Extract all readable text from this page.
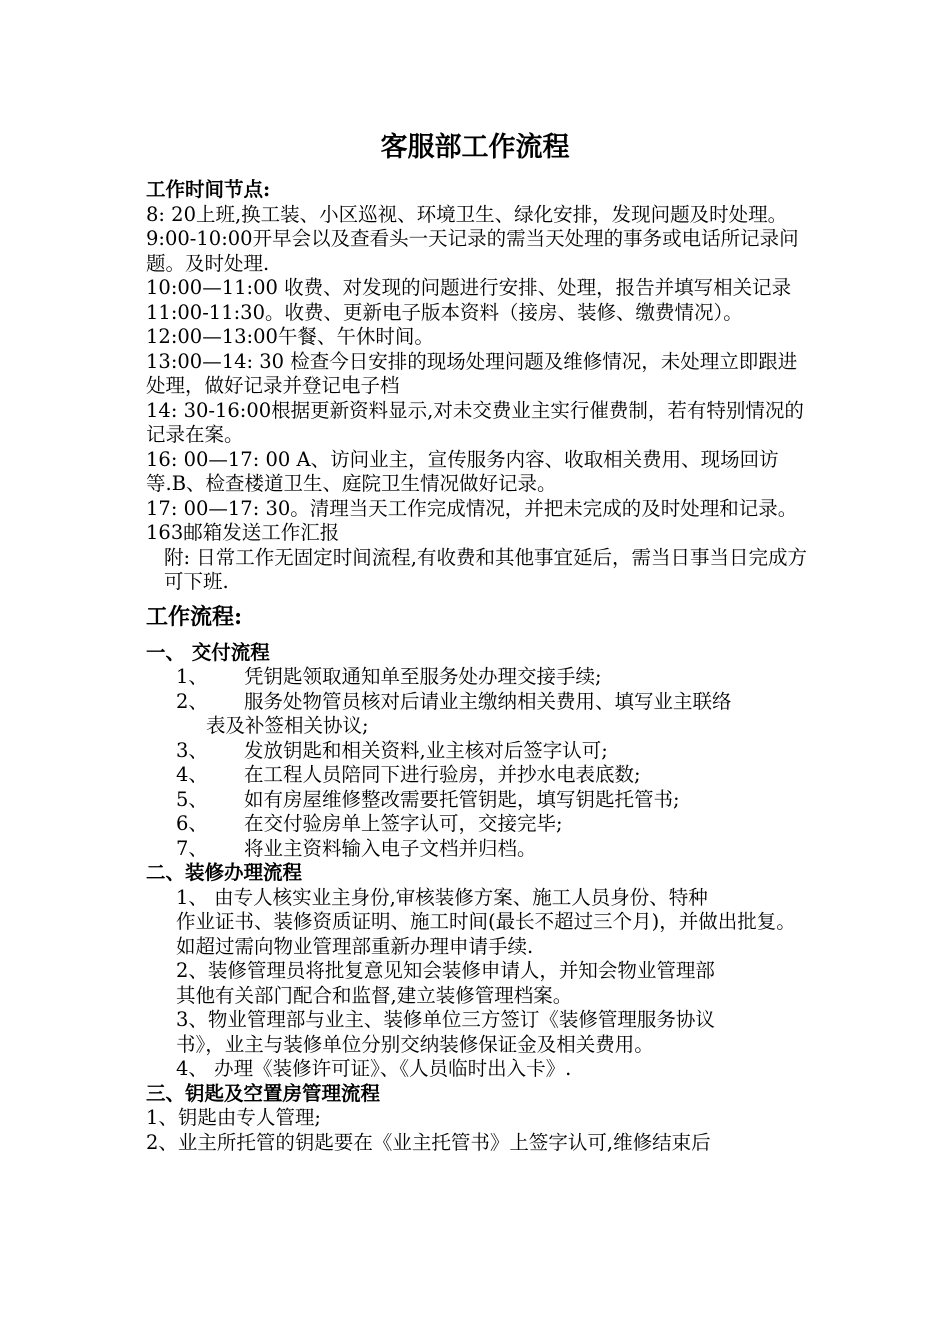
客服部工作流程

工作时间节点:

8: 20上班,换工装、小区巡视、环境卫生、绿化安排，发现问题及时处理。

9:00-10:00开早会以及查看头一天记录的需当天处理的事务或电话所记录问题。及时处理.

10:00—11:00 收费、对发现的问题进行安排、处理，报告并填写相关记录

11:00-11:30。收费、更新电子版本资料（接房、装修、缴费情况）。

12:00—13:00午餐、午休时间。

13:00—14: 30 检查今日安排的现场处理问题及维修情况，未处理立即跟进处理，做好记录并登记电子档

14: 30-16:00根据更新资料显示,对未交费业主实行催费制，若有特别情况的记录在案。

16: 00—17: 00 A、访问业主，宣传服务内容、收取相关费用、现场回访等.B、检查楼道卫生、庭院卫生情况做好记录。

17: 00—17: 30。清理当天工作完成情况，并把未完成的及时处理和记录。163邮箱发送工作汇报

附: 日常工作无固定时间流程,有收费和其他事宜延后，需当日事当日完成方可下班.

工作流程:

一、 交付流程

1、	凭钥匙领取通知单至服务处办理交接手续;
2、	服务处物管员核对后请业主缴纳相关费用、填写业主联络

表及补签相关协议;

3、	发放钥匙和相关资料,业主核对后签字认可;
4、	在工程人员陪同下进行验房，并抄水电表底数;
5、	如有房屋维修整改需要托管钥匙，填写钥匙托管书;
6、	在交付验房单上签字认可，交接完毕;
7、	将业主资料输入电子文档并归档。

二、装修办理流程

1、 由专人核实业主身份,审核装修方案、施工人员身份、特种

作业证书、装修资质证明、施工时间(最长不超过三个月)，并做出批复。如超过需向物业管理部重新办理申请手续.

2、装修管理员将批复意见知会装修申请人，并知会物业管理部

其他有关部门配合和监督,建立装修管理档案。

3、物业管理部与业主、装修单位三方签订《装修管理服务协议

书》，业主与装修单位分别交纳装修保证金及相关费用。

4、 办理《装修许可证》、《人员临时出入卡》.

三、钥匙及空置房管理流程

1、钥匙由专人管理;

2、业主所托管的钥匙要在《业主托管书》上签字认可,维修结束后
